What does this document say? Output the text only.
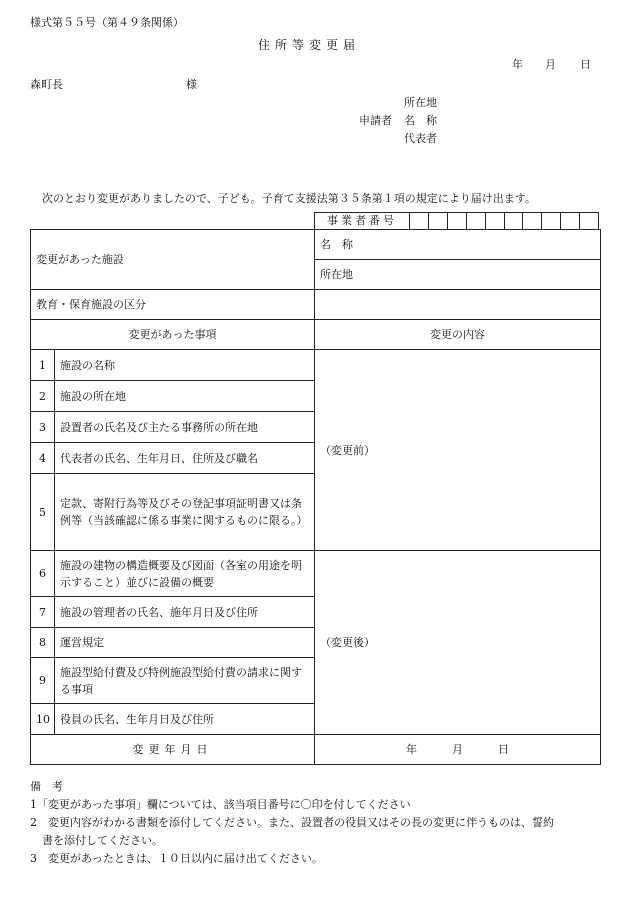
様式第５５号（第４９条関係）
住所等変更届
年 月 日
森町長	様
所在地
申請者 名　称
代表者
次のとおり変更がありましたので、子ども。子育て支援法第３５条第１項の規定により届け出ます。
事業者番号
変更があった施設		名　称
		所在地
教育・保育施設の区分		
変更があった事項		変更の内容
1	施設の名称	（変更前）
2	施設の所在地	
3	設置者の氏名及び主たる事務所の所在地	
4	代表者の氏名、生年月日、住所及び職名	
5	定款、寄附行為等及びその登記事項証明書又は条例等（当該確認に係る事業に関するものに限る。）	
6	施設の建物の構造概要及び図面（各室の用途を明示すること）並びに設備の概要	（変更後）
7	施設の管理者の氏名、施年月日及び住所	
8	運営規定	
9	施設型給付費及び特例施設型給付費の請求に関する事項	
10	役員の氏名、生年月日及び住所	
変更年月日		年 月 日
備　考
1「変更があった事項」欄については、該当項目番号に〇印を付してください
2　変更内容がわかる書類を添付してください。また、設置者の役員又はその長の変更に伴うものは、誓約
書を添付してください。
3　変更があったときは、１０日以内に届け出てください。
